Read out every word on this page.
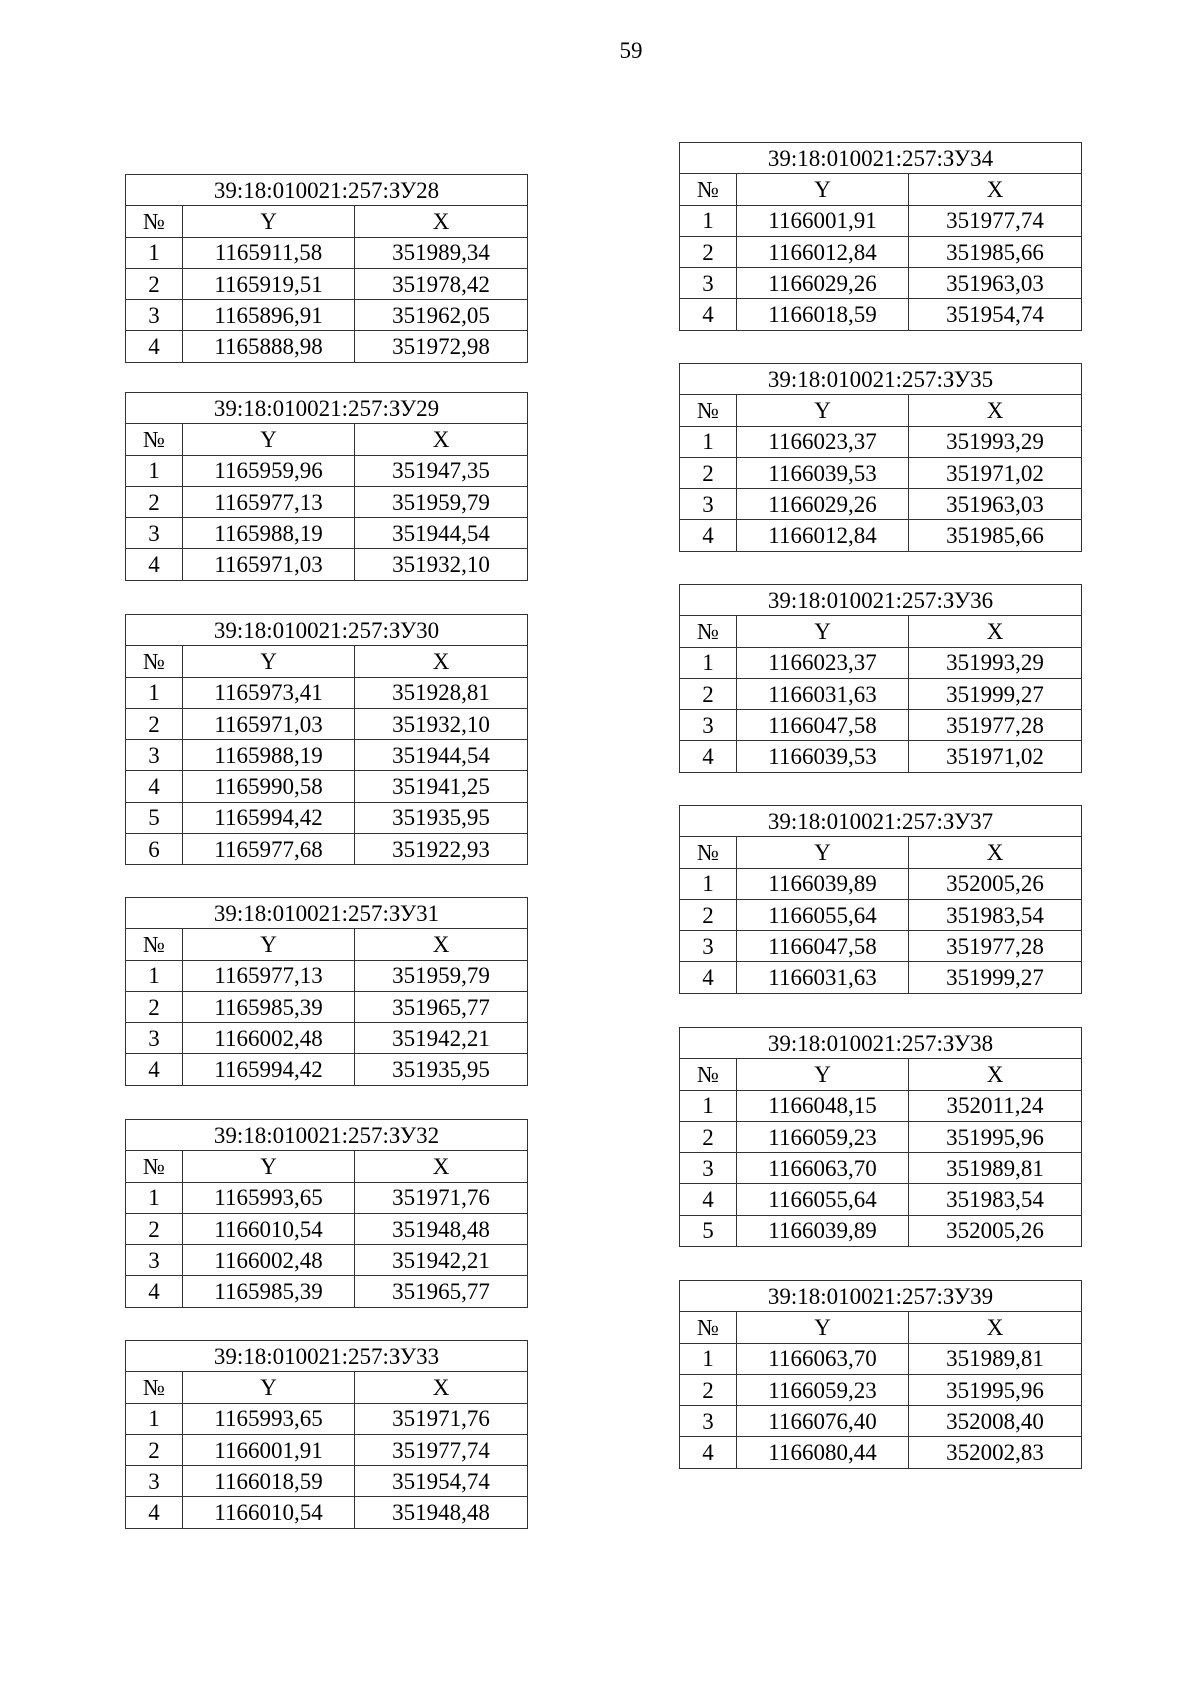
59
39:18:010021:257:ЗУ28		
№	Y	X
1	1165911,58	351989,34
2	1165919,51	351978,42
3	1165896,91	351962,05
4	1165888,98	351972,98
39:18:010021:257:ЗУ29		
№	Y	X
1	1165959,96	351947,35
2	1165977,13	351959,79
3	1165988,19	351944,54
4	1165971,03	351932,10
39:18:010021:257:ЗУ30		
№	Y	X
1	1165973,41	351928,81
2	1165971,03	351932,10
3	1165988,19	351944,54
4	1165990,58	351941,25
5	1165994,42	351935,95
6	1165977,68	351922,93
39:18:010021:257:ЗУ31		
№	Y	X
1	1165977,13	351959,79
2	1165985,39	351965,77
3	1166002,48	351942,21
4	1165994,42	351935,95
39:18:010021:257:ЗУ32		
№	Y	X
1	1165993,65	351971,76
2	1166010,54	351948,48
3	1166002,48	351942,21
4	1165985,39	351965,77
39:18:010021:257:ЗУ33		
№	Y	X
1	1165993,65	351971,76
2	1166001,91	351977,74
3	1166018,59	351954,74
4	1166010,54	351948,48
39:18:010021:257:ЗУ34		
№	Y	X
1	1166001,91	351977,74
2	1166012,84	351985,66
3	1166029,26	351963,03
4	1166018,59	351954,74
39:18:010021:257:ЗУ35		
№	Y	X
1	1166023,37	351993,29
2	1166039,53	351971,02
3	1166029,26	351963,03
4	1166012,84	351985,66
39:18:010021:257:ЗУ36		
№	Y	X
1	1166023,37	351993,29
2	1166031,63	351999,27
3	1166047,58	351977,28
4	1166039,53	351971,02
39:18:010021:257:ЗУ37		
№	Y	X
1	1166039,89	352005,26
2	1166055,64	351983,54
3	1166047,58	351977,28
4	1166031,63	351999,27
39:18:010021:257:ЗУ38		
№	Y	X
1	1166048,15	352011,24
2	1166059,23	351995,96
3	1166063,70	351989,81
4	1166055,64	351983,54
5	1166039,89	352005,26
39:18:010021:257:ЗУ39		
№	Y	X
1	1166063,70	351989,81
2	1166059,23	351995,96
3	1166076,40	352008,40
4	1166080,44	352002,83
